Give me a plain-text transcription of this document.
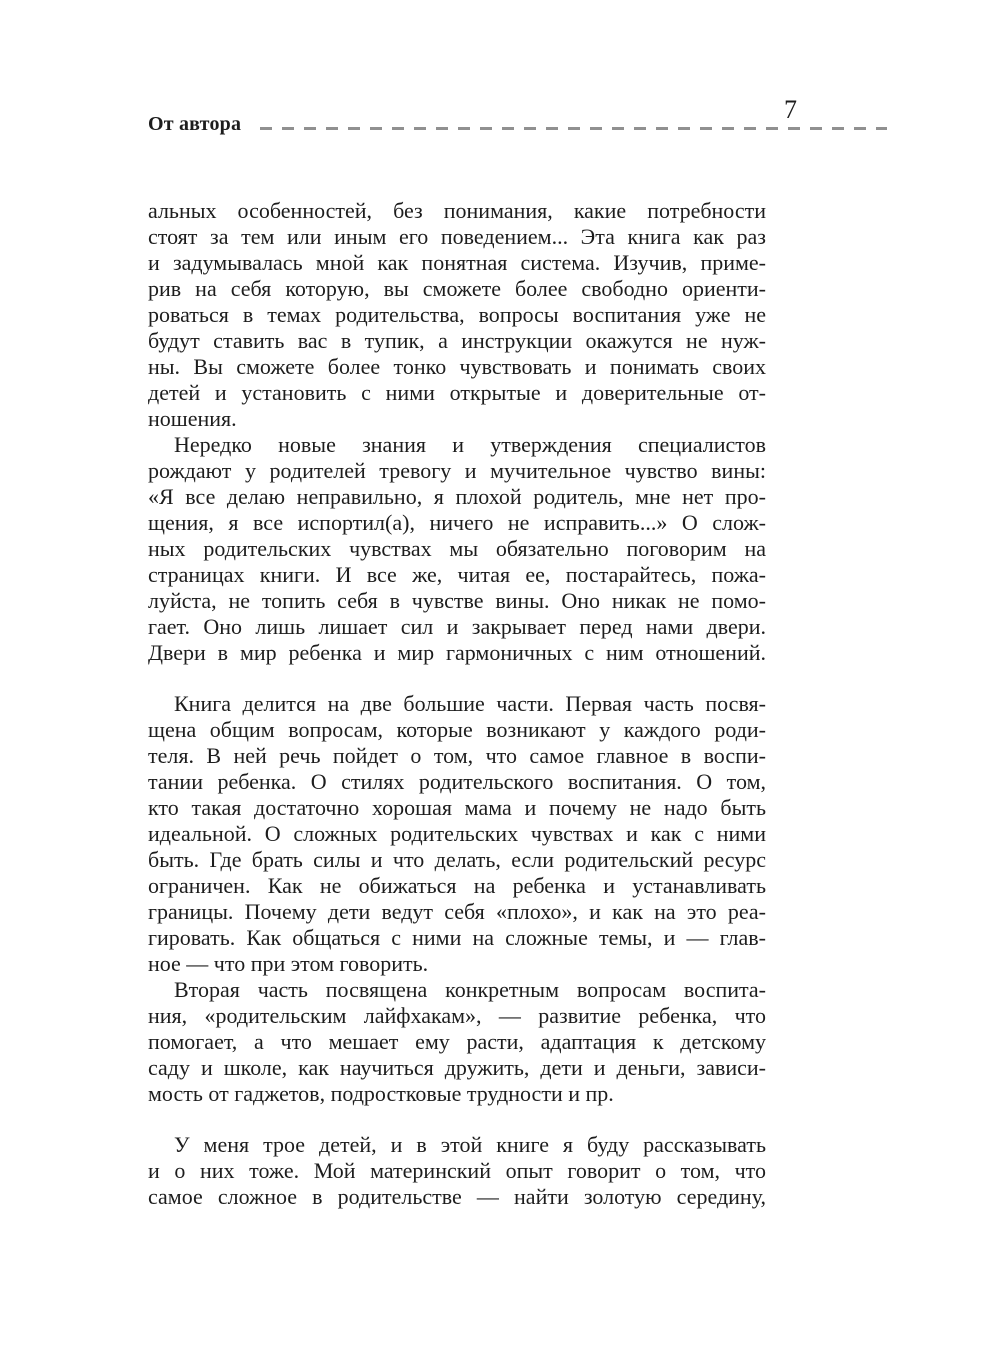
От автора	7
альных особенностей, без понимания, какие потребности
стоят за тем или иным его поведением... Эта книга как раз
и задумывалась мной как понятная система. Изучив, приме-
рив на себя которую, вы сможете более свободно ориенти-
роваться в темах родительства, вопросы воспитания уже не
будут ставить вас в тупик, а инструкции окажутся не нуж-
ны. Вы сможете более тонко чувствовать и понимать своих
детей и установить с ними открытые и доверительные от-
ношения.
Нередко новые знания и утверждения специалистов
рождают у родителей тревогу и мучительное чувство вины:
«Я все делаю неправильно, я плохой родитель, мне нет про-
щения, я все испортил(а), ничего не исправить...» О слож-
ных родительских чувствах мы обязательно поговорим на
страницах книги. И все же, читая ее, постарайтесь, пожа-
луйста, не топить себя в чувстве вины. Оно никак не помо-
гает. Оно лишь лишает сил и закрывает перед нами двери.
Двери в мир ребенка и мир гармоничных с ним отношений.
Книга делится на две большие части. Первая часть посвя-
щена общим вопросам, которые возникают у каждого роди-
теля. В ней речь пойдет о том, что самое главное в воспи-
тании ребенка. О стилях родительского воспитания. О том,
кто такая достаточно хорошая мама и почему не надо быть
идеальной. О сложных родительских чувствах и как с ними
быть. Где брать силы и что делать, если родительский ресурс
ограничен. Как не обижаться на ребенка и устанавливать
границы. Почему дети ведут себя «плохо», и как на это реа-
гировать. Как общаться с ними на сложные темы, и — глав-
ное — что при этом говорить.
Вторая часть посвящена конкретным вопросам воспита-
ния, «родительским лайфхакам», — развитие ребенка, что
помогает, а что мешает ему расти, адаптация к детскому
саду и школе, как научиться дружить, дети и деньги, зависи-
мость от гаджетов, подростковые трудности и пр.
У меня трое детей, и в этой книге я буду рассказывать
и о них тоже. Мой материнский опыт говорит о том, что
самое сложное в родительстве — найти золотую середину,
